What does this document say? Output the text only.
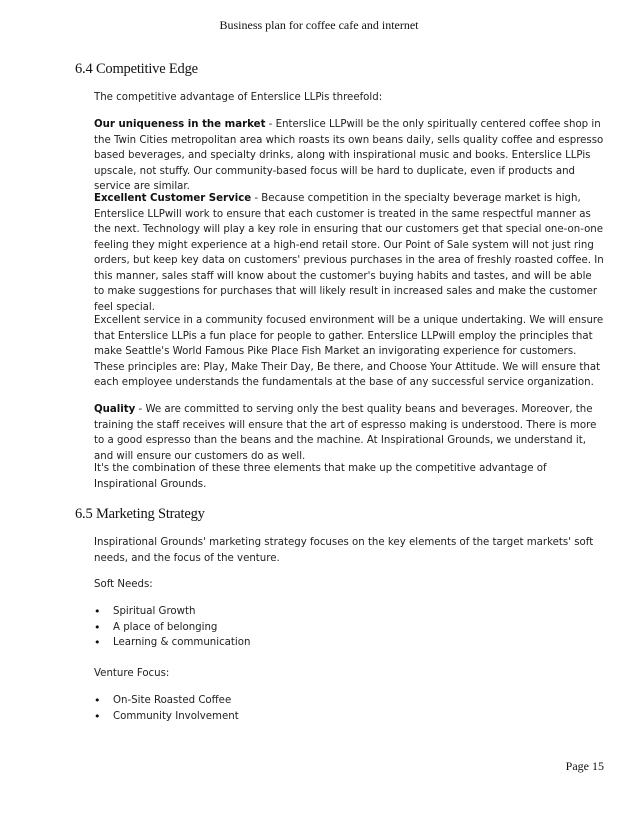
Business plan for coffee cafe and internet
6.4 Competitive Edge

The competitive advantage of Enterslice LLPis threefold:

Our uniqueness in the market - Enterslice LLPwill be the only spiritually centered coffee shop in the Twin Cities metropolitan area which roasts its own beans daily, sells quality coffee and espresso based beverages, and specialty drinks, along with inspirational music and books. Enterslice LLPis upscale, not stuffy. Our community-based focus will be hard to duplicate, even if products and service are similar.

Excellent Customer Service - Because competition in the specialty beverage market is high, Enterslice LLPwill work to ensure that each customer is treated in the same respectful manner as the next. Technology will play a key role in ensuring that our customers get that special one-on-one feeling they might experience at a high-end retail store. Our Point of Sale system will not just ring orders, but keep key data on customers' previous purchases in the area of freshly roasted coffee. In this manner, sales staff will know about the customer's buying habits and tastes, and will be able to make suggestions for purchases that will likely result in increased sales and make the customer feel special.

Excellent service in a community focused environment will be a unique undertaking. We will ensure that Enterslice LLPis a fun place for people to gather. Enterslice LLPwill employ the principles that make Seattle's World Famous Pike Place Fish Market an invigorating experience for customers. These principles are: Play, Make Their Day, Be there, and Choose Your Attitude. We will ensure that each employee understands the fundamentals at the base of any successful service organization.

Quality - We are committed to serving only the best quality beans and beverages. Moreover, the training the staff receives will ensure that the art of espresso making is understood. There is more to a good espresso than the beans and the machine. At Inspirational Grounds, we understand it, and will ensure our customers do as well.

It's the combination of these three elements that make up the competitive advantage of Inspirational Grounds.

6.5 Marketing Strategy

Inspirational Grounds' marketing strategy focuses on the key elements of the target markets' soft needs, and the focus of the venture.

Soft Needs:

• Spiritual Growth
• A place of belonging
• Learning & communication

Venture Focus:

• On-Site Roasted Coffee
• Community Involvement
Page 15
